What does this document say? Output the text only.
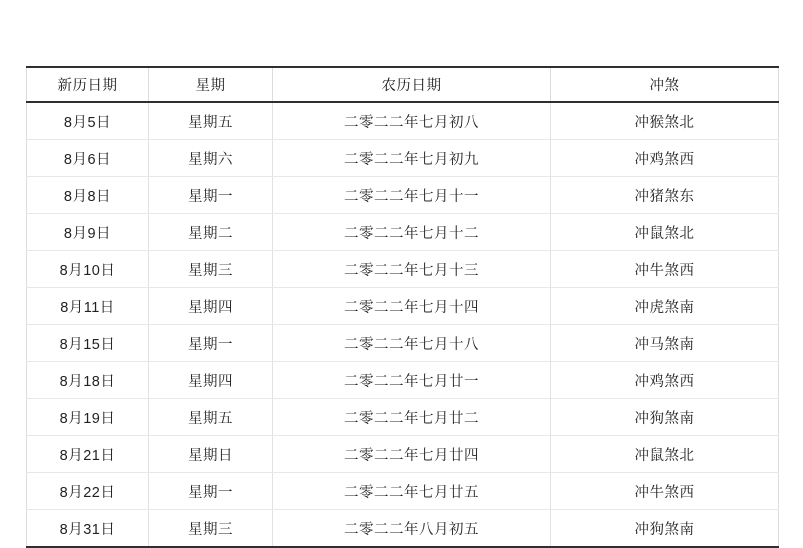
新历日期	星期	农历日期	冲煞
8月5日	星期五	二零二二年七月初八	冲猴煞北
8月6日	星期六	二零二二年七月初九	冲鸡煞西
8月8日	星期一	二零二二年七月十一	冲猪煞东
8月9日	星期二	二零二二年七月十二	冲鼠煞北
8月10日	星期三	二零二二年七月十三	冲牛煞西
8月11日	星期四	二零二二年七月十四	冲虎煞南
8月15日	星期一	二零二二年七月十八	冲马煞南
8月18日	星期四	二零二二年七月廿一	冲鸡煞西
8月19日	星期五	二零二二年七月廿二	冲狗煞南
8月21日	星期日	二零二二年七月廿四	冲鼠煞北
8月22日	星期一	二零二二年七月廿五	冲牛煞西
8月31日	星期三	二零二二年八月初五	冲狗煞南
